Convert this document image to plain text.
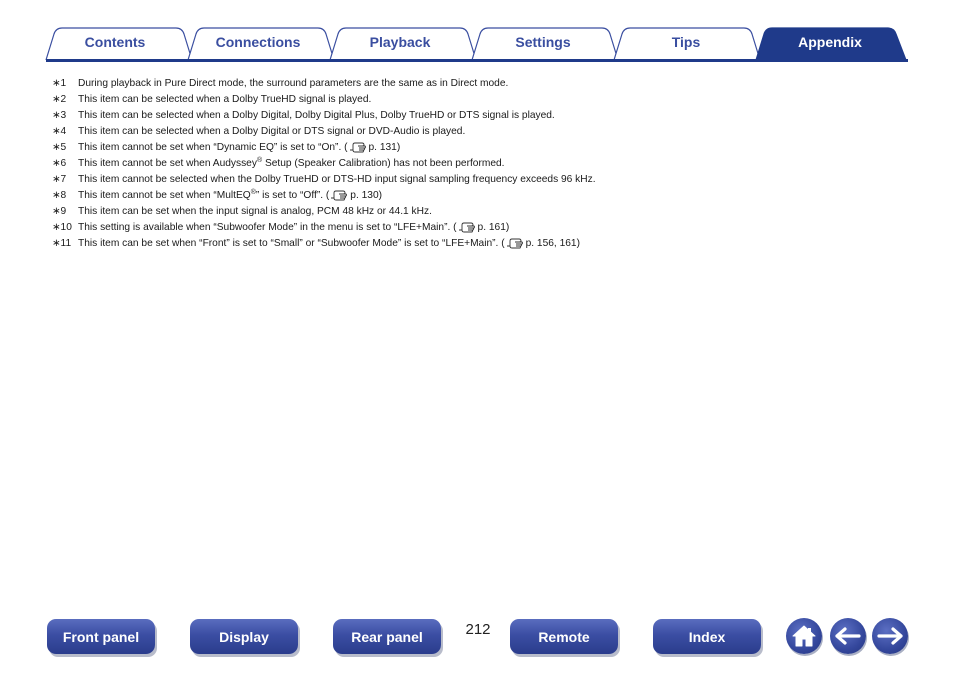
Contents	Connections	Playback	Settings	Tips	Appendix
∗1	During playback in Pure Direct mode, the surround parameters are the same as in Direct mode.
∗2	This item can be selected when a Dolby TrueHD signal is played.
∗3	This item can be selected when a Dolby Digital, Dolby Digital Plus, Dolby TrueHD or DTS signal is played.
∗4	This item can be selected when a Dolby Digital or DTS signal or DVD-Audio is played.
∗5	This item cannot be set when “Dynamic EQ” is set to “On”. ( p. 131)
∗6	This item cannot be set when Audyssey® Setup (Speaker Calibration) has not been performed.
∗7	This item cannot be selected when the Dolby TrueHD or DTS-HD input signal sampling frequency exceeds 96 kHz.
∗8	This item cannot be set when “MultEQ®” is set to “Off”. ( p. 130)
∗9	This item can be set when the input signal is analog, PCM 48 kHz or 44.1 kHz.
∗10 This setting is available when “Subwoofer Mode” in the menu is set to “LFE+Main”. ( p. 161)
∗11 This item can be set when “Front” is set to “Small” or “Subwoofer Mode” is set to “LFE+Main”. ( p. 156, 161)
Front panel	Display	Rear panel	212	Remote	Index
